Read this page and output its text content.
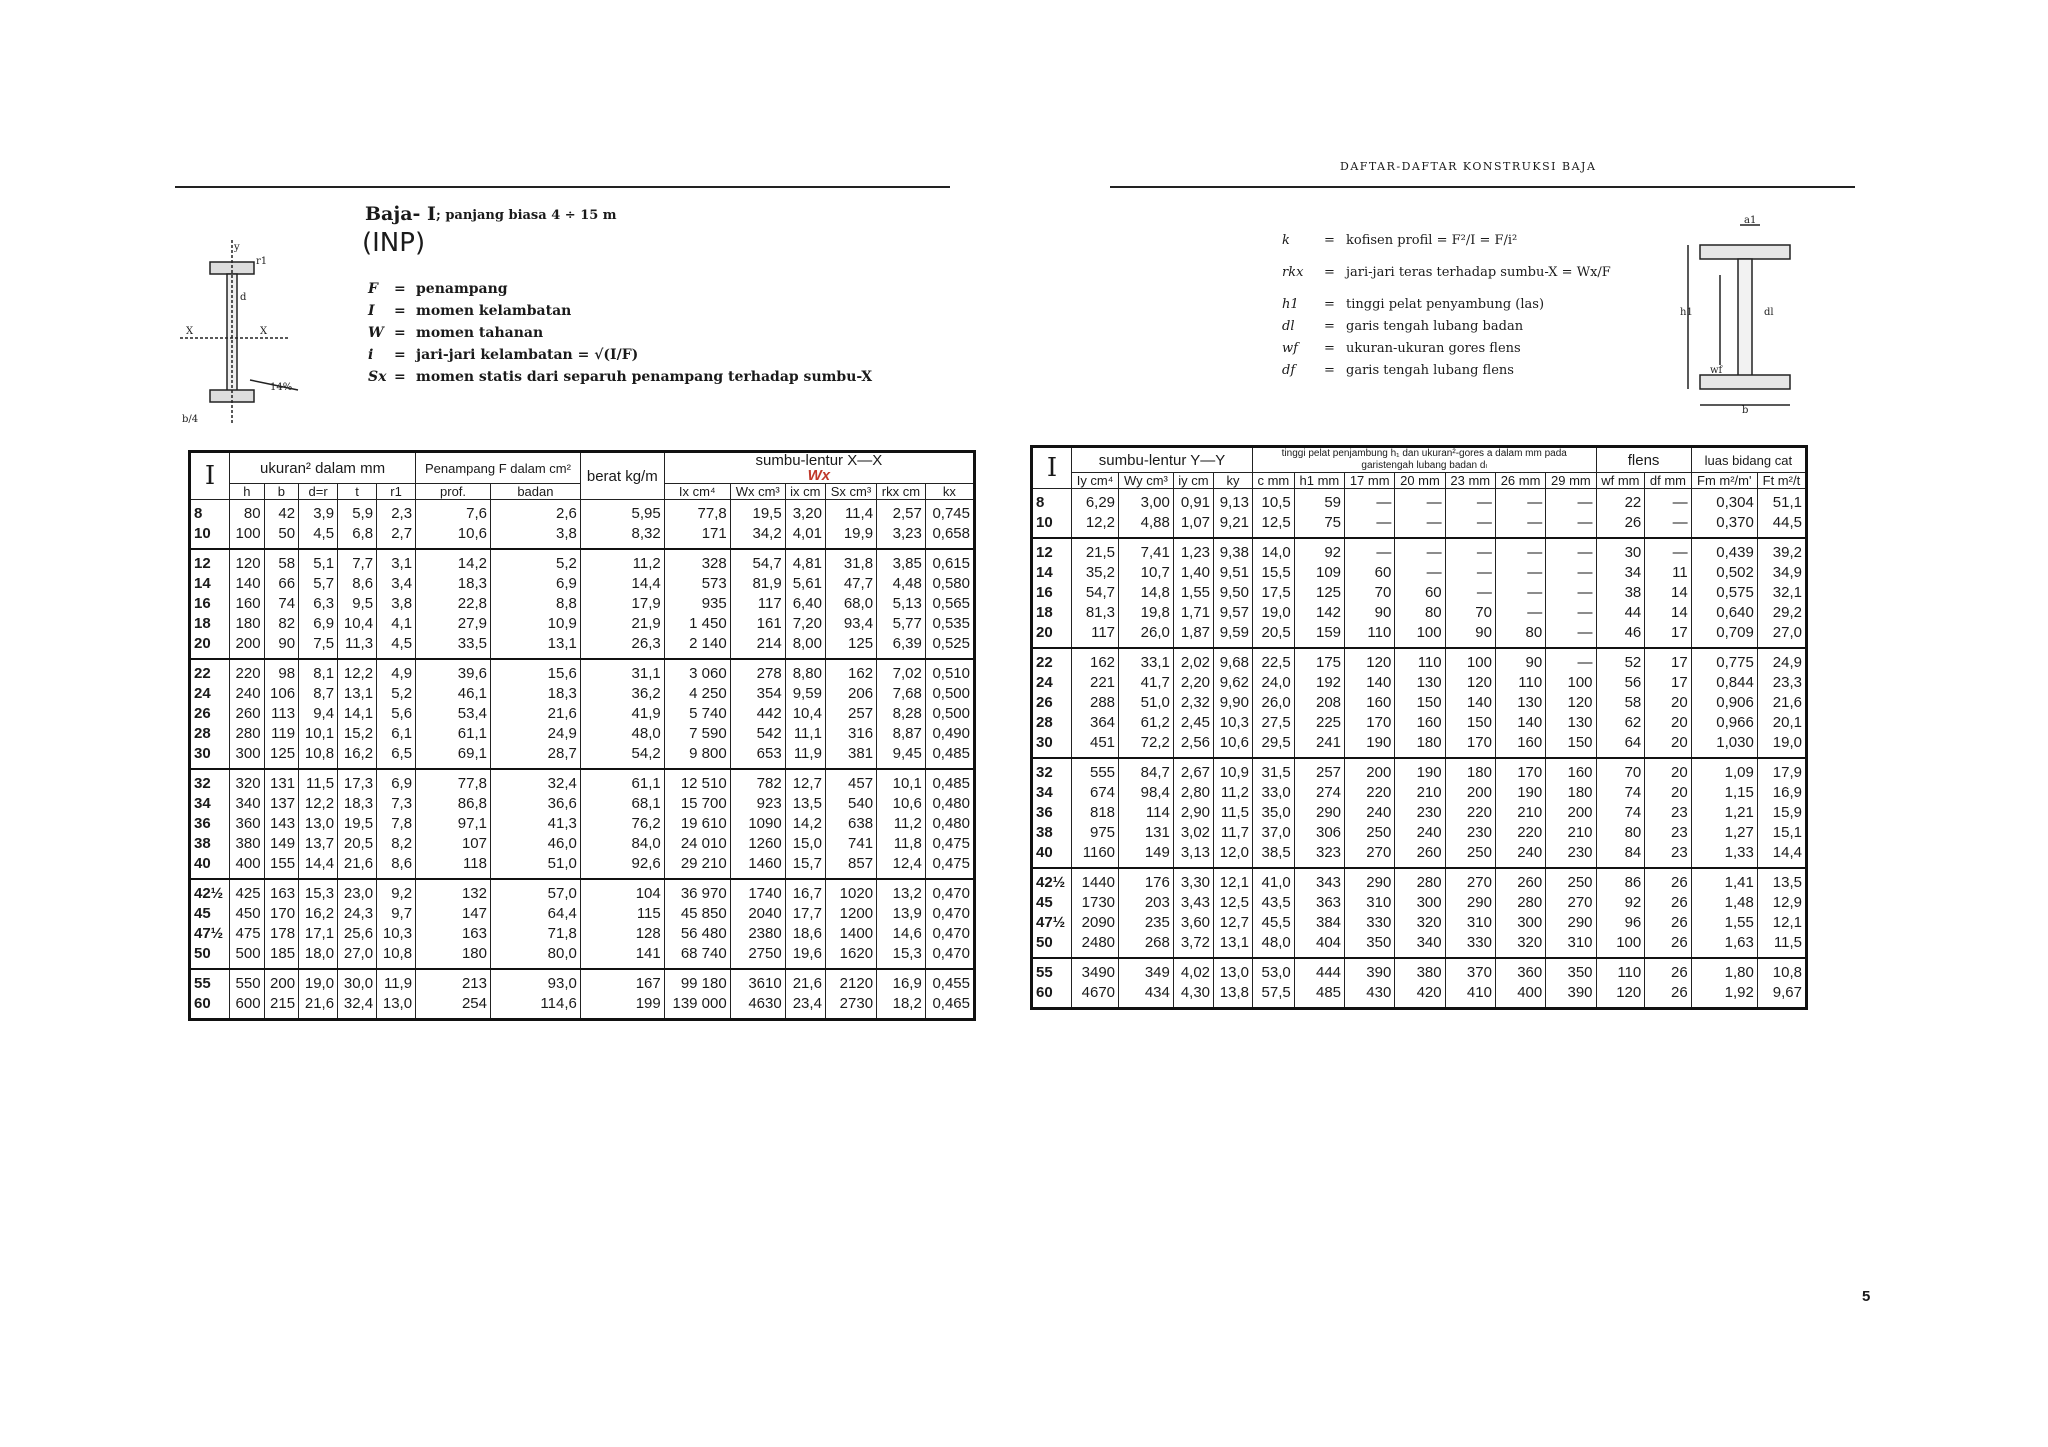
DAFTAR-DAFTAR KONSTRUKSI BAJA
X	X
y
b/4
r1
d
14%
Baja- I ; panjang biasa 4 ÷ 15 m
(INP)
F = penampang
I = momen kelambatan
W = momen tahanan
i = jari-jari kelambatan = √(I/F)
Sx = momen statis dari separuh penampang terhadap sumbu-X
I	ukuran² dalam mm					Penampang F dalam cm²		berat kg/m	sumbu-lentur X—X
Wx					
	h	b	d=r	t	r1	prof.	badan		Ix cm⁴	Wx cm³	ix cm	Sx cm³	rkx cm	kx
8	80	42	3,9	5,9	2,3	7,6	2,6	5,95	77,8	19,5	3,20	11,4	2,57	0,745
10	100	50	4,5	6,8	2,7	10,6	3,8	8,32	171	34,2	4,01	19,9	3,23	0,658
12	120	58	5,1	7,7	3,1	14,2	5,2	11,2	328	54,7	4,81	31,8	3,85	0,615
14	140	66	5,7	8,6	3,4	18,3	6,9	14,4	573	81,9	5,61	47,7	4,48	0,580
16	160	74	6,3	9,5	3,8	22,8	8,8	17,9	935	117	6,40	68,0	5,13	0,565
18	180	82	6,9	10,4	4,1	27,9	10,9	21,9	1 450	161	7,20	93,4	5,77	0,535
20	200	90	7,5	11,3	4,5	33,5	13,1	26,3	2 140	214	8,00	125	6,39	0,525
22	220	98	8,1	12,2	4,9	39,6	15,6	31,1	3 060	278	8,80	162	7,02	0,510
24	240	106	8,7	13,1	5,2	46,1	18,3	36,2	4 250	354	9,59	206	7,68	0,500
26	260	113	9,4	14,1	5,6	53,4	21,6	41,9	5 740	442	10,4	257	8,28	0,500
28	280	119	10,1	15,2	6,1	61,1	24,9	48,0	7 590	542	11,1	316	8,87	0,490
30	300	125	10,8	16,2	6,5	69,1	28,7	54,2	9 800	653	11,9	381	9,45	0,485
32	320	131	11,5	17,3	6,9	77,8	32,4	61,1	12 510	782	12,7	457	10,1	0,485
34	340	137	12,2	18,3	7,3	86,8	36,6	68,1	15 700	923	13,5	540	10,6	0,480
36	360	143	13,0	19,5	7,8	97,1	41,3	76,2	19 610	1090	14,2	638	11,2	0,480
38	380	149	13,7	20,5	8,2	107	46,0	84,0	24 010	1260	15,0	741	11,8	0,475
40	400	155	14,4	21,6	8,6	118	51,0	92,6	29 210	1460	15,7	857	12,4	0,475
42½	425	163	15,3	23,0	9,2	132	57,0	104	36 970	1740	16,7	1020	13,2	0,470
45	450	170	16,2	24,3	9,7	147	64,4	115	45 850	2040	17,7	1200	13,9	0,470
47½	475	178	17,1	25,6	10,3	163	71,8	128	56 480	2380	18,6	1400	14,6	0,470
50	500	185	18,0	27,0	10,8	180	80,0	141	68 740	2750	19,6	1620	15,3	0,470
55	550	200	19,0	30,0	11,9	213	93,0	167	99 180	3610	21,6	2120	16,9	0,455
60	600	215	21,6	32,4	13,0	254	114,6	199	139 000	4630	23,4	2730	18,2	0,465
k	= kofisen profil = F²/I = F/i²
rkx = jari-jari teras terhadap sumbu-X = Wx/F
h1 = tinggi pelat penyambung (las)
dl = garis tengah lubang badan
wf = ukuran-ukuran gores flens
df = garis tengah lubang flens
a1
h1	dl
b
wf
I	sumbu-lentur Y—Y				tinggi pelat penjambung h₁ dan ukuran²-gores a dalam mm pada garistengah lubang badan dₗ							flens		luas bidang cat	
	Iy cm⁴	Wy cm³	iy cm	ky	c mm	h1 mm	17 mm	20 mm	23 mm	26 mm	29 mm	wf mm	df mm	Fm m²/m'	Ft m²/t
8	6,29	3,00	0,91	9,13	10,5	59	—	—	—	—	—	22	—	0,304	51,1
10	12,2	4,88	1,07	9,21	12,5	75	—	—	—	—	—	26	—	0,370	44,5
12	21,5	7,41	1,23	9,38	14,0	92	—	—	—	—	—	30	—	0,439	39,2
14	35,2	10,7	1,40	9,51	15,5	109	60	—	—	—	—	34	11	0,502	34,9
16	54,7	14,8	1,55	9,50	17,5	125	70	60	—	—	—	38	14	0,575	32,1
18	81,3	19,8	1,71	9,57	19,0	142	90	80	70	—	—	44	14	0,640	29,2
20	117	26,0	1,87	9,59	20,5	159	110	100	90	80	—	46	17	0,709	27,0
22	162	33,1	2,02	9,68	22,5	175	120	110	100	90	—	52	17	0,775	24,9
24	221	41,7	2,20	9,62	24,0	192	140	130	120	110	100	56	17	0,844	23,3
26	288	51,0	2,32	9,90	26,0	208	160	150	140	130	120	58	20	0,906	21,6
28	364	61,2	2,45	10,3	27,5	225	170	160	150	140	130	62	20	0,966	20,1
30	451	72,2	2,56	10,6	29,5	241	190	180	170	160	150	64	20	1,030	19,0
32	555	84,7	2,67	10,9	31,5	257	200	190	180	170	160	70	20	1,09	17,9
34	674	98,4	2,80	11,2	33,0	274	220	210	200	190	180	74	20	1,15	16,9
36	818	114	2,90	11,5	35,0	290	240	230	220	210	200	74	23	1,21	15,9
38	975	131	3,02	11,7	37,0	306	250	240	230	220	210	80	23	1,27	15,1
40	1160	149	3,13	12,0	38,5	323	270	260	250	240	230	84	23	1,33	14,4
42½	1440	176	3,30	12,1	41,0	343	290	280	270	260	250	86	26	1,41	13,5
45	1730	203	3,43	12,5	43,5	363	310	300	290	280	270	92	26	1,48	12,9
47½	2090	235	3,60	12,7	45,5	384	330	320	310	300	290	96	26	1,55	12,1
50	2480	268	3,72	13,1	48,0	404	350	340	330	320	310	100	26	1,63	11,5
55	3490	349	4,02	13,0	53,0	444	390	380	370	360	350	110	26	1,80	10,8
60	4670	434	4,30	13,8	57,5	485	430	420	410	400	390	120	26	1,92	9,67
5
